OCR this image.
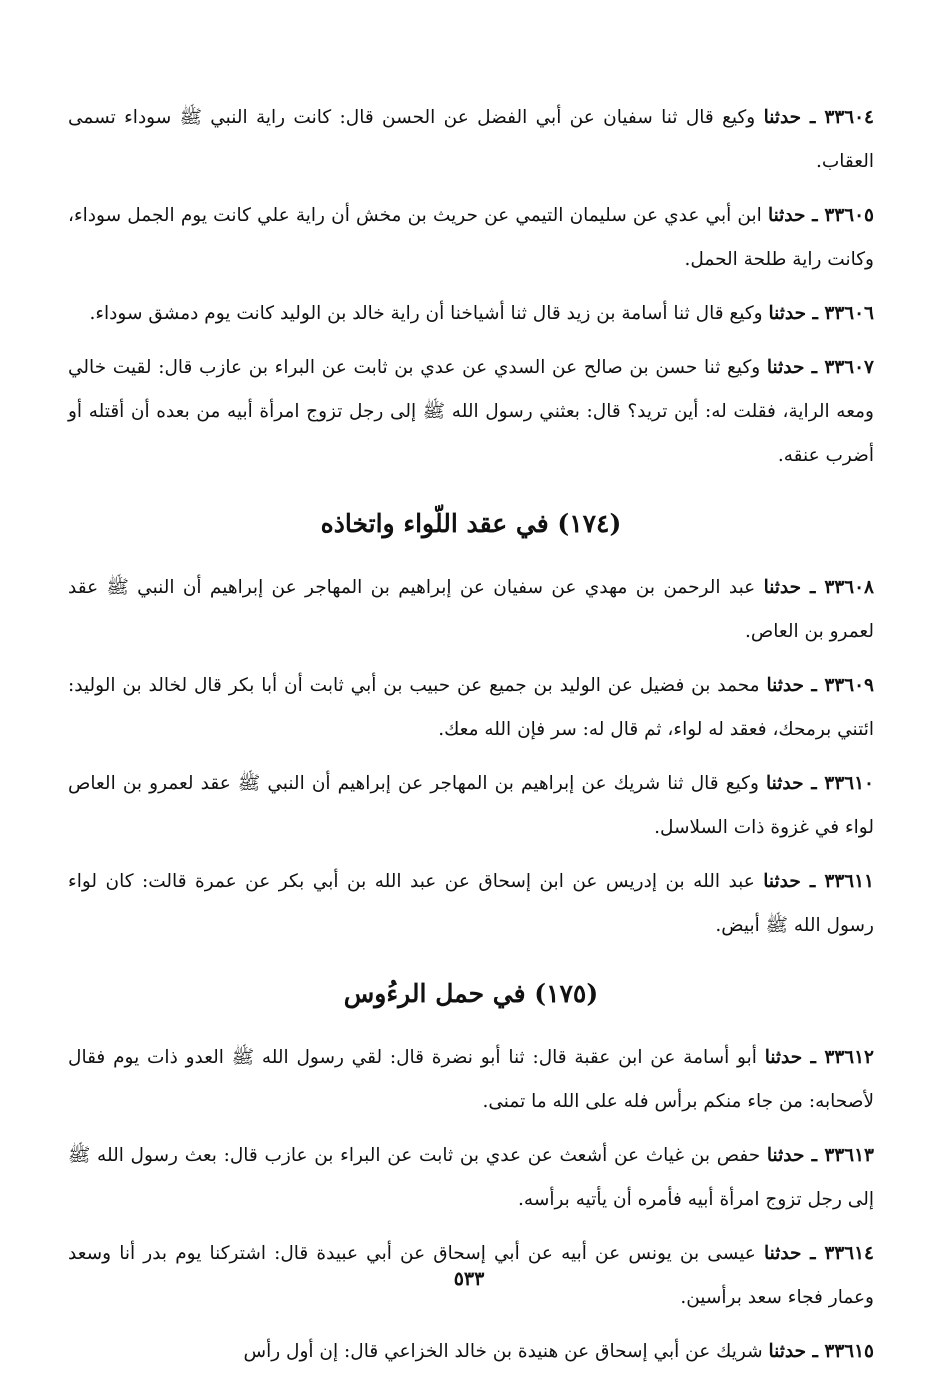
٣٣٦٠٤ ـ حدثنا وكيع قال ثنا سفيان عن أبي الفضل عن الحسن قال: كانت راية النبي ﷺ سوداء تسمى العقاب.

٣٣٦٠٥ ـ حدثنا ابن أبي عدي عن سليمان التيمي عن حريث بن مخش أن راية علي كانت يوم الجمل سوداء، وكانت راية طلحة الحمل.

٣٣٦٠٦ ـ حدثنا وكيع قال ثنا أسامة بن زيد قال ثنا أشياخنا أن راية خالد بن الوليد كانت يوم دمشق سوداء.

٣٣٦٠٧ ـ حدثنا وكيع ثنا حسن بن صالح عن السدي عن عدي بن ثابت عن البراء بن عازب قال: لقيت خالي ومعه الراية، فقلت له: أين تريد؟ قال: بعثني رسول الله ﷺ إلى رجل تزوج امرأة أبيه من بعده أن أقتله أو أضرب عنقه.

(١٧٤) في عقد اللّواء واتخاذه

٣٣٦٠٨ ـ حدثنا عبد الرحمن بن مهدي عن سفيان عن إبراهيم بن المهاجر عن إبراهيم أن النبي ﷺ عقد لعمرو بن العاص.

٣٣٦٠٩ ـ حدثنا محمد بن فضيل عن الوليد بن جميع عن حبيب بن أبي ثابت أن أبا بكر قال لخالد بن الوليد: ائتني برمحك، فعقد له لواء، ثم قال له: سر فإن الله معك.

٣٣٦١٠ ـ حدثنا وكيع قال ثنا شريك عن إبراهيم بن المهاجر عن إبراهيم أن النبي ﷺ عقد لعمرو بن العاص لواء في غزوة ذات السلاسل.

٣٣٦١١ ـ حدثنا عبد الله بن إدريس عن ابن إسحاق عن عبد الله بن أبي بكر عن عمرة قالت: كان لواء رسول الله ﷺ أبيض.

(١٧٥) في حمل الرءُوس

٣٣٦١٢ ـ حدثنا أبو أسامة عن ابن عقبة قال: ثنا أبو نضرة قال: لقي رسول الله ﷺ العدو ذات يوم فقال لأصحابه: من جاء منكم برأس فله على الله ما تمنى.

٣٣٦١٣ ـ حدثنا حفص بن غياث عن أشعث عن عدي بن ثابت عن البراء بن عازب قال: بعث رسول الله ﷺ إلى رجل تزوج امرأة أبيه فأمره أن يأتيه برأسه.

٣٣٦١٤ ـ حدثنا عيسى بن يونس عن أبيه عن أبي إسحاق عن أبي عبيدة قال: اشتركنا يوم بدر أنا وسعد وعمار فجاء سعد برأسين.

٣٣٦١٥ ـ حدثنا شريك عن أبي إسحاق عن هنيدة بن خالد الخزاعي قال: إن أول رأس

٥٣٣
